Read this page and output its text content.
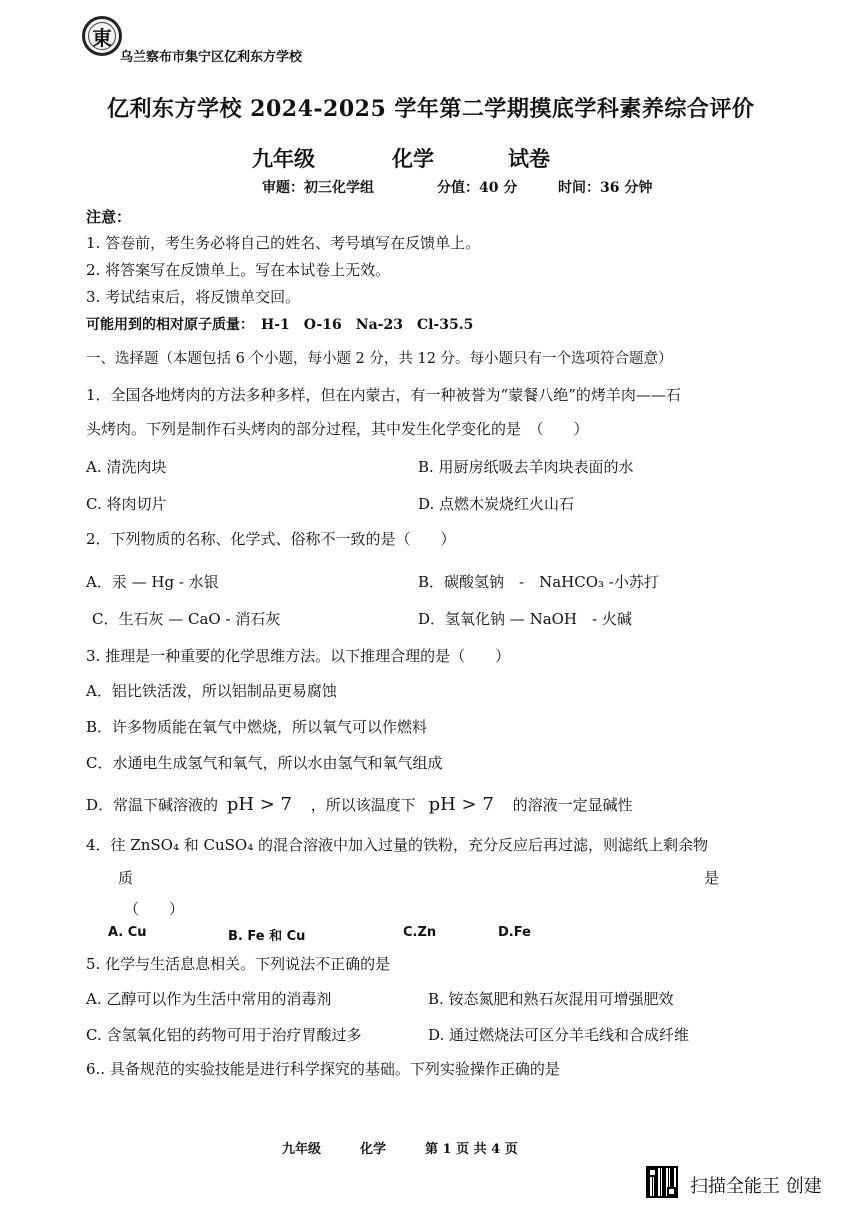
東
乌兰察布市集宁区亿利东方学校
亿利东方学校 2024-2025 学年第二学期摸底学科素养综合评价
九年级	化学	试卷
审题：初三化学组	分值：40 分	时间：36 分钟
注意：
1. 答卷前，考生务必将自己的姓名、考号填写在反馈单上。
2. 将答案写在反馈单上。写在本试卷上无效。
3. 考试结束后，将反馈单交回。
可能用到的相对原子质量：　H-1　O-16　Na-23　Cl-35.5
一、选择题（本题包括 6 个小题，每小题 2 分，共 12 分。每小题只有一个选项符合题意）
1．全国各地烤肉的方法多种多样，但在内蒙古，有一种被誉为“蒙餐八绝”的烤羊肉——石
头烤肉。下列是制作石头烤肉的部分过程，其中发生化学变化的是　（　　）
A. 清洗肉块	B. 用厨房纸吸去羊肉块表面的水
C. 将肉切片	D. 点燃木炭烧红火山石
2．下列物质的名称、化学式、俗称不一致的是（　　）
A．汞 — Hg - 水银	B．碳酸氢钠　-　NaHCO₃ -小苏打
C．生石灰 — CaO - 消石灰	D．氢氧化钠 — NaOH　- 火碱
3. 推理是一种重要的化学思维方法。以下推理合理的是（　　）
A．铝比铁活泼，所以铝制品更易腐蚀
B．许多物质能在氧气中燃烧，所以氧气可以作燃料
C．水通电生成氢气和氧气，所以水由氢气和氧气组成
D．常温下碱溶液的 pH > 7 ，所以该温度下 pH > 7 的溶液一定显碱性
4．往 ZnSO₄ 和 CuSO₄ 的混合溶液中加入过量的铁粉，充分反应后再过滤，则滤纸上剩余物
质	是
（　　）
A. Cu	B. Fe 和 Cu	C.Zn	D.Fe
5. 化学与生活息息相关。下列说法不正确的是
A. 乙醇可以作为生活中常用的消毒剂	B. 铵态氮肥和熟石灰混用可增强肥效
C. 含氢氧化铝的药物可用于治疗胃酸过多	D. 通过燃烧法可区分羊毛线和合成纤维
6.. 具备规范的实验技能是进行科学探究的基础。下列实验操作正确的是
九年级　　　化学　　　第 1 页 共 4 页
扫描全能王 创建
